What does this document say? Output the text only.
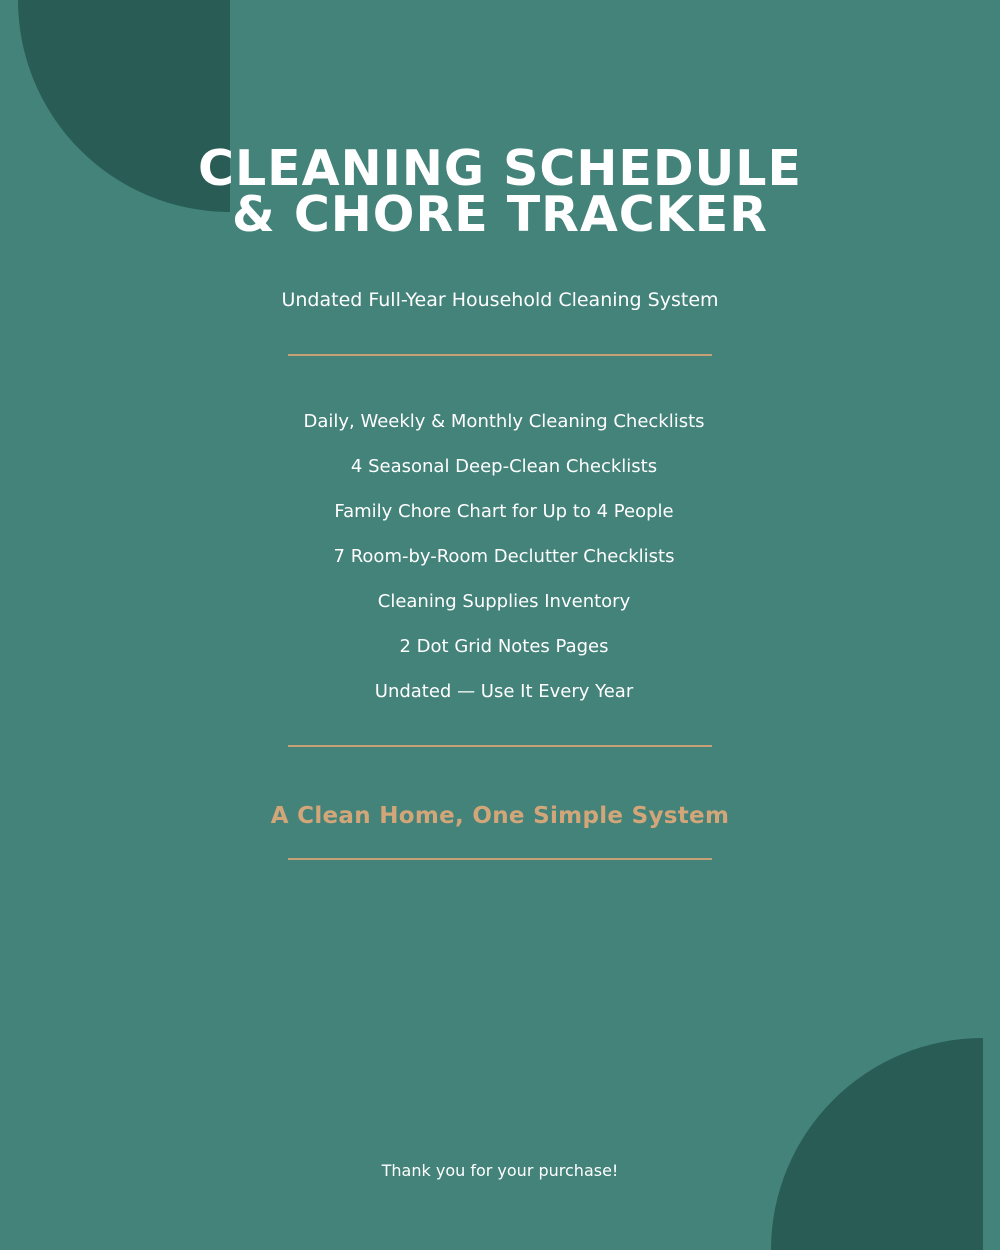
CLEANING SCHEDULE
& CHORE TRACKER
Undated Full-Year Household Cleaning System
Daily, Weekly & Monthly Cleaning Checklists
4 Seasonal Deep-Clean Checklists
Family Chore Chart for Up to 4 People
7 Room-by-Room Declutter Checklists
Cleaning Supplies Inventory
2 Dot Grid Notes Pages
Undated — Use It Every Year
A Clean Home, One Simple System
Thank you for your purchase!
